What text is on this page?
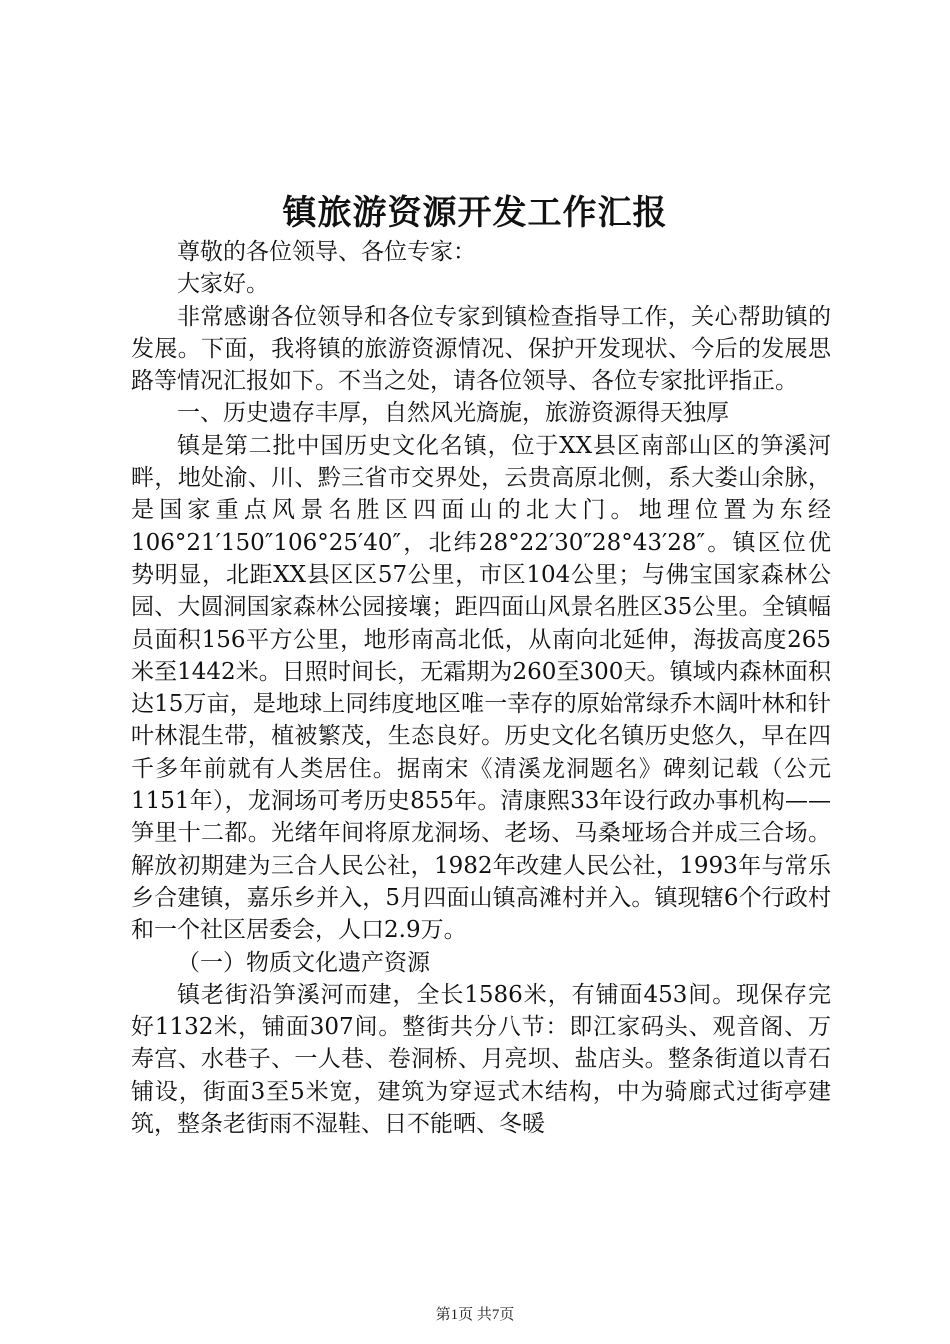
镇旅游资源开发工作汇报

尊敬的各位领导、各位专家：

大家好。

非常感谢各位领导和各位专家到镇检查指导工作，关心帮助镇的发展。下面，我将镇的旅游资源情况、保护开发现状、今后的发展思路等情况汇报如下。不当之处，请各位领导、各位专家批评指正。

一、历史遗存丰厚，自然风光旖旎，旅游资源得天独厚

镇是第二批中国历史文化名镇，位于XX县区南部山区的笋溪河畔，地处渝、川、黔三省市交界处，云贵高原北侧，系大娄山余脉，是国家重点风景名胜区四面山的北大门。地理位置为东经106°21′150″106°25′40″，北纬28°22′30″28°43′28″。镇区位优势明显，北距XX县区区57公里，市区104公里；与佛宝国家森林公园、大圆洞国家森林公园接壤；距四面山风景名胜区35公里。全镇幅员面积156平方公里，地形南高北低，从南向北延伸，海拔高度265米至1442米。日照时间长，无霜期为260至300天。镇域内森林面积达15万亩，是地球上同纬度地区唯一幸存的原始常绿乔木阔叶林和针叶林混生带，植被繁茂，生态良好。历史文化名镇历史悠久，早在四千多年前就有人类居住。据南宋《清溪龙洞题名》碑刻记载（公元1151年），龙洞场可考历史855年。清康熙33年设行政办事机构——笋里十二都。光绪年间将原龙洞场、老场、马桑垭场合并成三合场。解放初期建为三合人民公社，1982年改建人民公社，1993年与常乐乡合建镇，嘉乐乡并入，5月四面山镇高滩村并入。镇现辖6个行政村和一个社区居委会，人口2.9万。

（一）物质文化遗产资源

镇老街沿笋溪河而建，全长1586米，有铺面453间。现保存完好1132米，铺面307间。整街共分八节：即江家码头、观音阁、万寿宫、水巷子、一人巷、卷洞桥、月亮坝、盐店头。整条街道以青石铺设，街面3至5米宽，建筑为穿逗式木结构，中为骑廊式过街亭建筑，整条老街雨不湿鞋、日不能晒、冬暖

第1页 共7页
